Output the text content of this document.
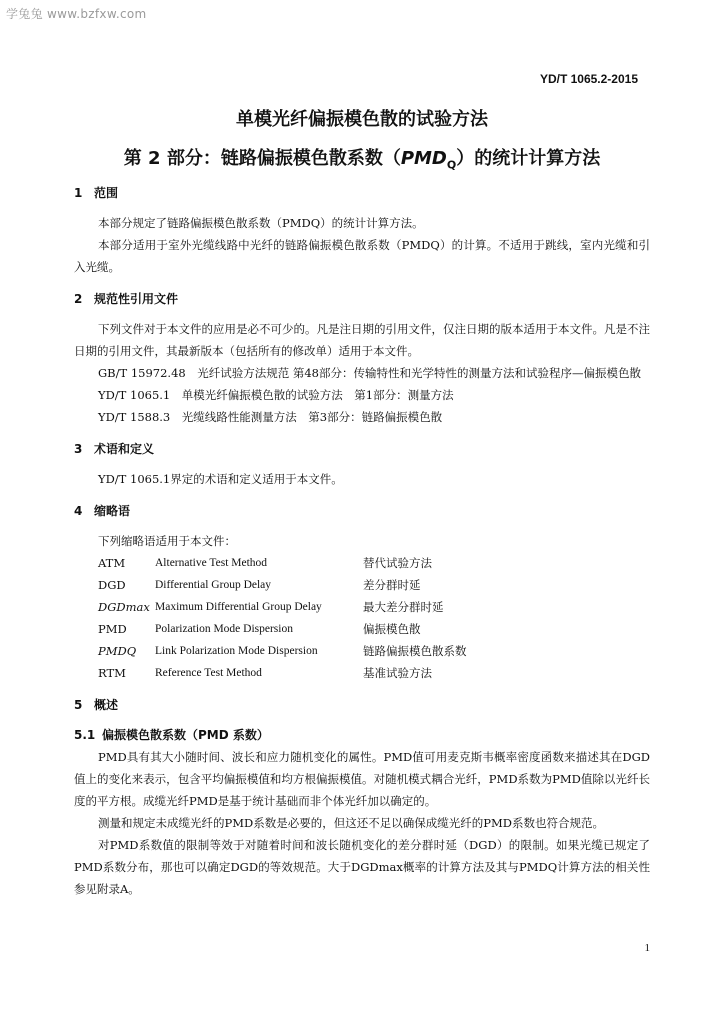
学兔兔 www.bzfxw.com
YD/T 1065.2-2015
单模光纤偏振模色散的试验方法
第 2 部分：链路偏振模色散系数$(PMD_Q)$的统计计算方法
1 范围

本部分规定了链路偏振模色散系数（PMDQ）的统计计算方法。

本部分适用于室外光缆线路中光纤的链路偏振模色散系数（PMDQ）的计算。不适用于跳线，室内光缆和引入光缆。

2 规范性引用文件

下列文件对于本文件的应用是必不可少的。凡是注日期的引用文件，仅注日期的版本适用于本文件。凡是不注日期的引用文件，其最新版本（包括所有的修改单）适用于本文件。

GB/T 15972.48　光纤试验方法规范 第48部分：传输特性和光学特性的测量方法和试验程序—偏振模色散

YD/T 1065.1　单模光纤偏振模色散的试验方法　第1部分：测量方法

YD/T 1588.3　光缆线路性能测量方法　第3部分：链路偏振模色散

3 术语和定义

YD/T 1065.1界定的术语和定义适用于本文件。

4 缩略语

下列缩略语适用于本文件：

ATM	Alternative Test Method	替代试验方法
DGD	Differential Group Delay	差分群时延
DGDmax	Maximum Differential Group Delay	最大差分群时延
PMD	Polarization Mode Dispersion	偏振模色散
PMDQ	Link Polarization Mode Dispersion	链路偏振模色散系数
RTM	Reference Test Method	基准试验方法
5 概述
5.1 偏振模色散系数（PMD 系数）

PMD具有其大小随时间、波长和应力随机变化的属性。PMD值可用麦克斯韦概率密度函数来描述其在DGD值上的变化来表示，包含平均偏振模值和均方根偏振模值。对随机模式耦合光纤，PMD系数为PMD值除以光纤长度的平方根。成缆光纤PMD是基于统计基础而非个体光纤加以确定的。

测量和规定未成缆光纤的PMD系数是必要的，但这还不足以确保成缆光纤的PMD系数也符合规范。

对PMD系数值的限制等效于对随着时间和波长随机变化的差分群时延（DGD）的限制。如果光缆已规定了PMD系数分布，那也可以确定DGD的等效规范。大于DGDmax概率的计算方法及其与PMDQ计算方法的相关性参见附录A。

1
